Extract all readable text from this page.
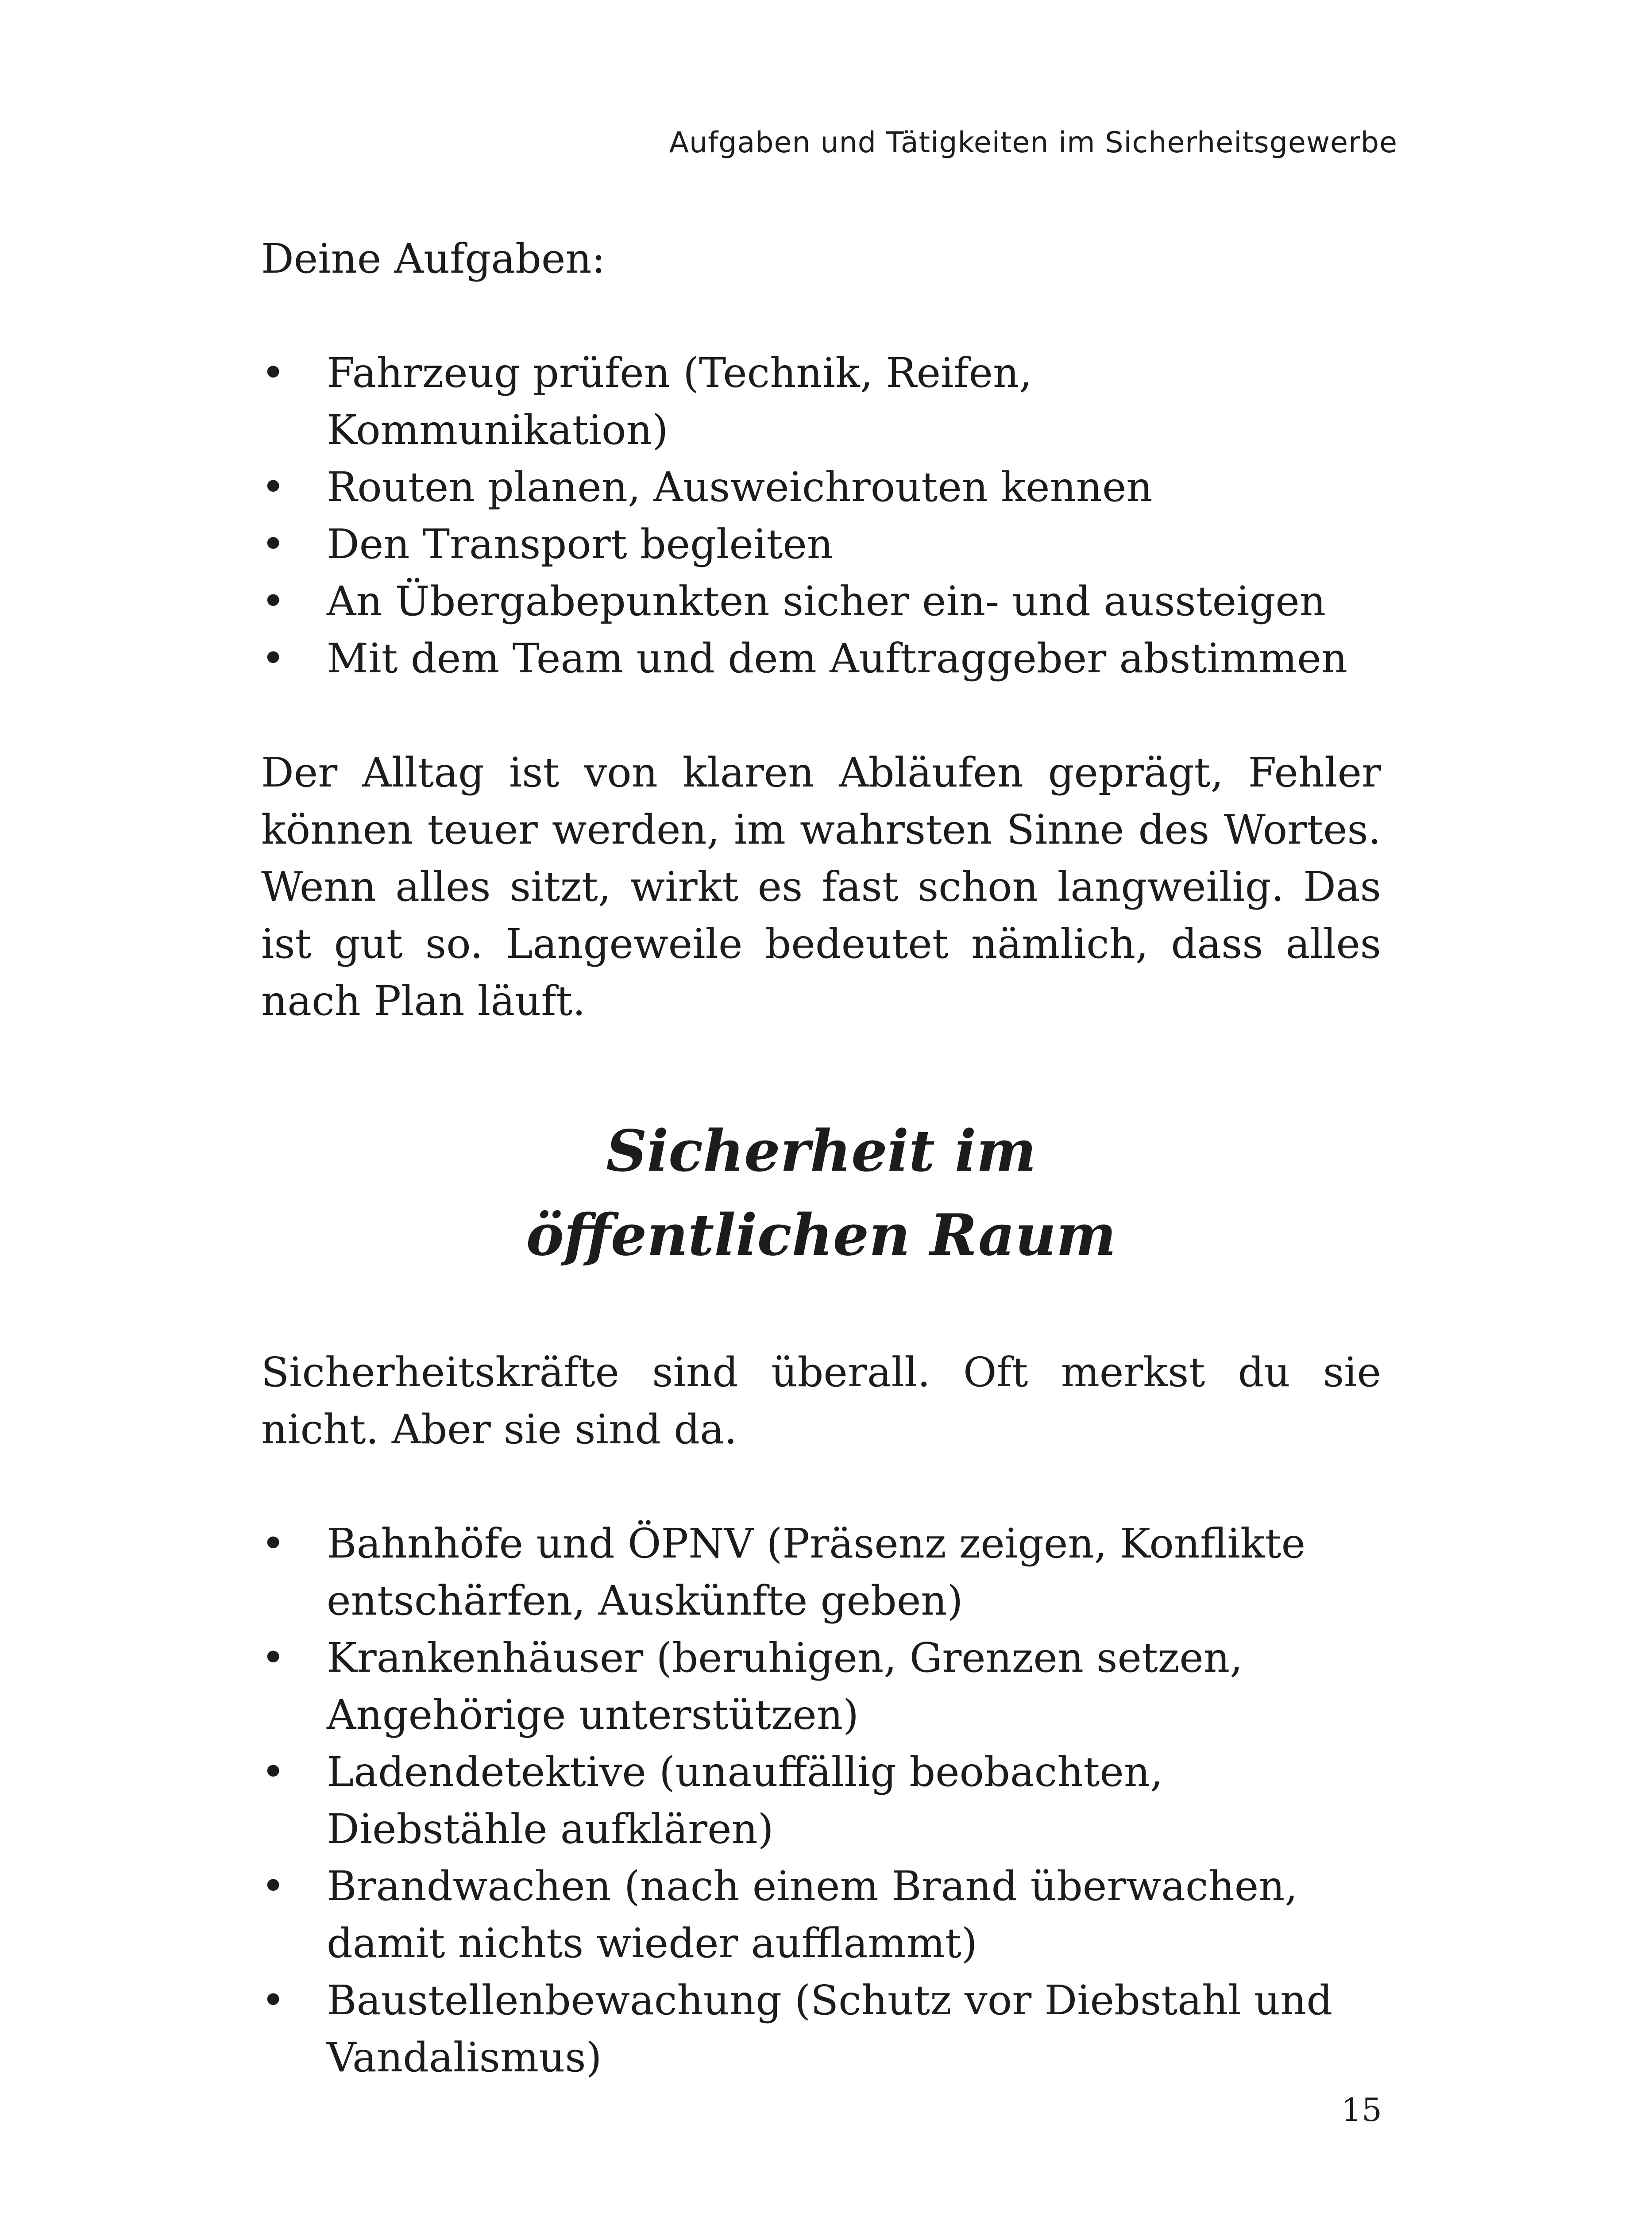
Aufgaben und Tätigkeiten im Sicherheitsgewerbe

Deine Aufgaben:

• Fahrzeug prüfen (Technik, Reifen, Kommunikation)
• Routen planen, Ausweichrouten kennen
• Den Transport begleiten
• An Übergabepunkten sicher ein- und aussteigen
• Mit dem Team und dem Auftraggeber abstimmen

Der Alltag ist von klaren Abläufen geprägt, Fehler können teuer werden, im wahrsten Sinne des Wortes. Wenn alles sitzt, wirkt es fast schon langweilig. Das ist gut so. Langeweile bedeutet nämlich, dass alles nach Plan läuft.

Sicherheit im
öffentlichen Raum

Sicherheitskräfte sind überall. Oft merkst du sie nicht. Aber sie sind da.

• Bahnhöfe und ÖPNV (Präsenz zeigen, Konflikte entschärfen, Auskünfte geben)
• Krankenhäuser (beruhigen, Grenzen setzen, Angehörige unterstützen)
• Ladendetektive (unauffällig beobachten, Diebstähle aufklären)
• Brandwachen (nach einem Brand überwachen, damit nichts wieder aufflammt)
• Baustellenbewachung (Schutz vor Diebstahl und Vandalismus)
15
